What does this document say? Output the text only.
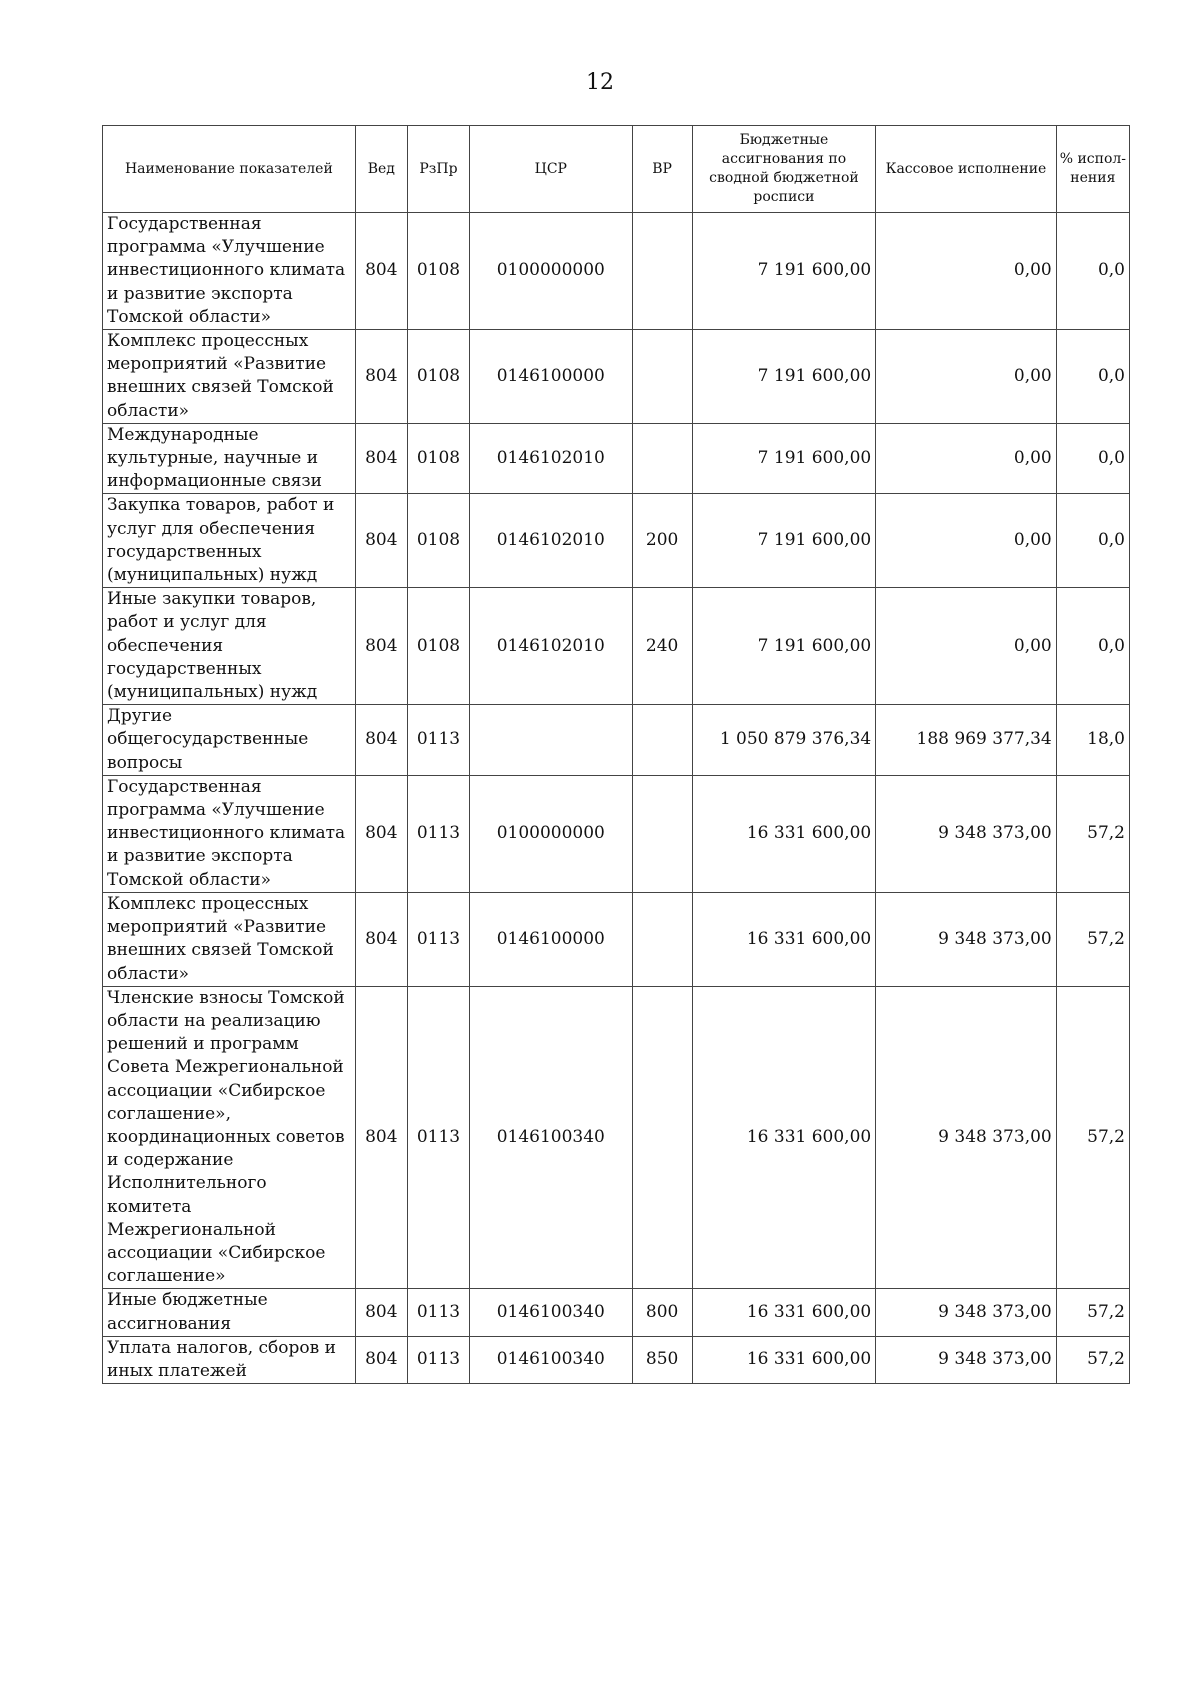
12
Наименование показателей	Вед	РзПр	ЦСР	ВР	Бюджетные ассигнования по сводной бюджетной росписи	Кассовое исполнение	% испол-нения
Государственная программа «Улучшение инвестиционного климата и развитие экспорта Томской области»	804	0108	0100000000		7 191 600,00	0,00	0,0
Комплекс процессных мероприятий «Развитие внешних связей Томской области»	804	0108	0146100000		7 191 600,00	0,00	0,0
Международные культурные, научные и информационные связи	804	0108	0146102010		7 191 600,00	0,00	0,0
Закупка товаров, работ и услуг для обеспечения государственных (муниципальных) нужд	804	0108	0146102010	200	7 191 600,00	0,00	0,0
Иные закупки товаров, работ и услуг для обеспечения государственных (муниципальных) нужд	804	0108	0146102010	240	7 191 600,00	0,00	0,0
Другие общегосударственные вопросы	804	0113			1 050 879 376,34	188 969 377,34	18,0
Государственная программа «Улучшение инвестиционного климата и развитие экспорта Томской области»	804	0113	0100000000		16 331 600,00	9 348 373,00	57,2
Комплекс процессных мероприятий «Развитие внешних связей Томской области»	804	0113	0146100000		16 331 600,00	9 348 373,00	57,2
Членские взносы Томской области на реализацию решений и программ Совета Межрегиональной ассоциации «Сибирское соглашение», координационных советов и содержание Исполнительного комитета Межрегиональной ассоциации «Сибирское соглашение»	804	0113	0146100340		16 331 600,00	9 348 373,00	57,2
Иные бюджетные ассигнования	804	0113	0146100340	800	16 331 600,00	9 348 373,00	57,2
Уплата налогов, сборов и иных платежей	804	0113	0146100340	850	16 331 600,00	9 348 373,00	57,2
